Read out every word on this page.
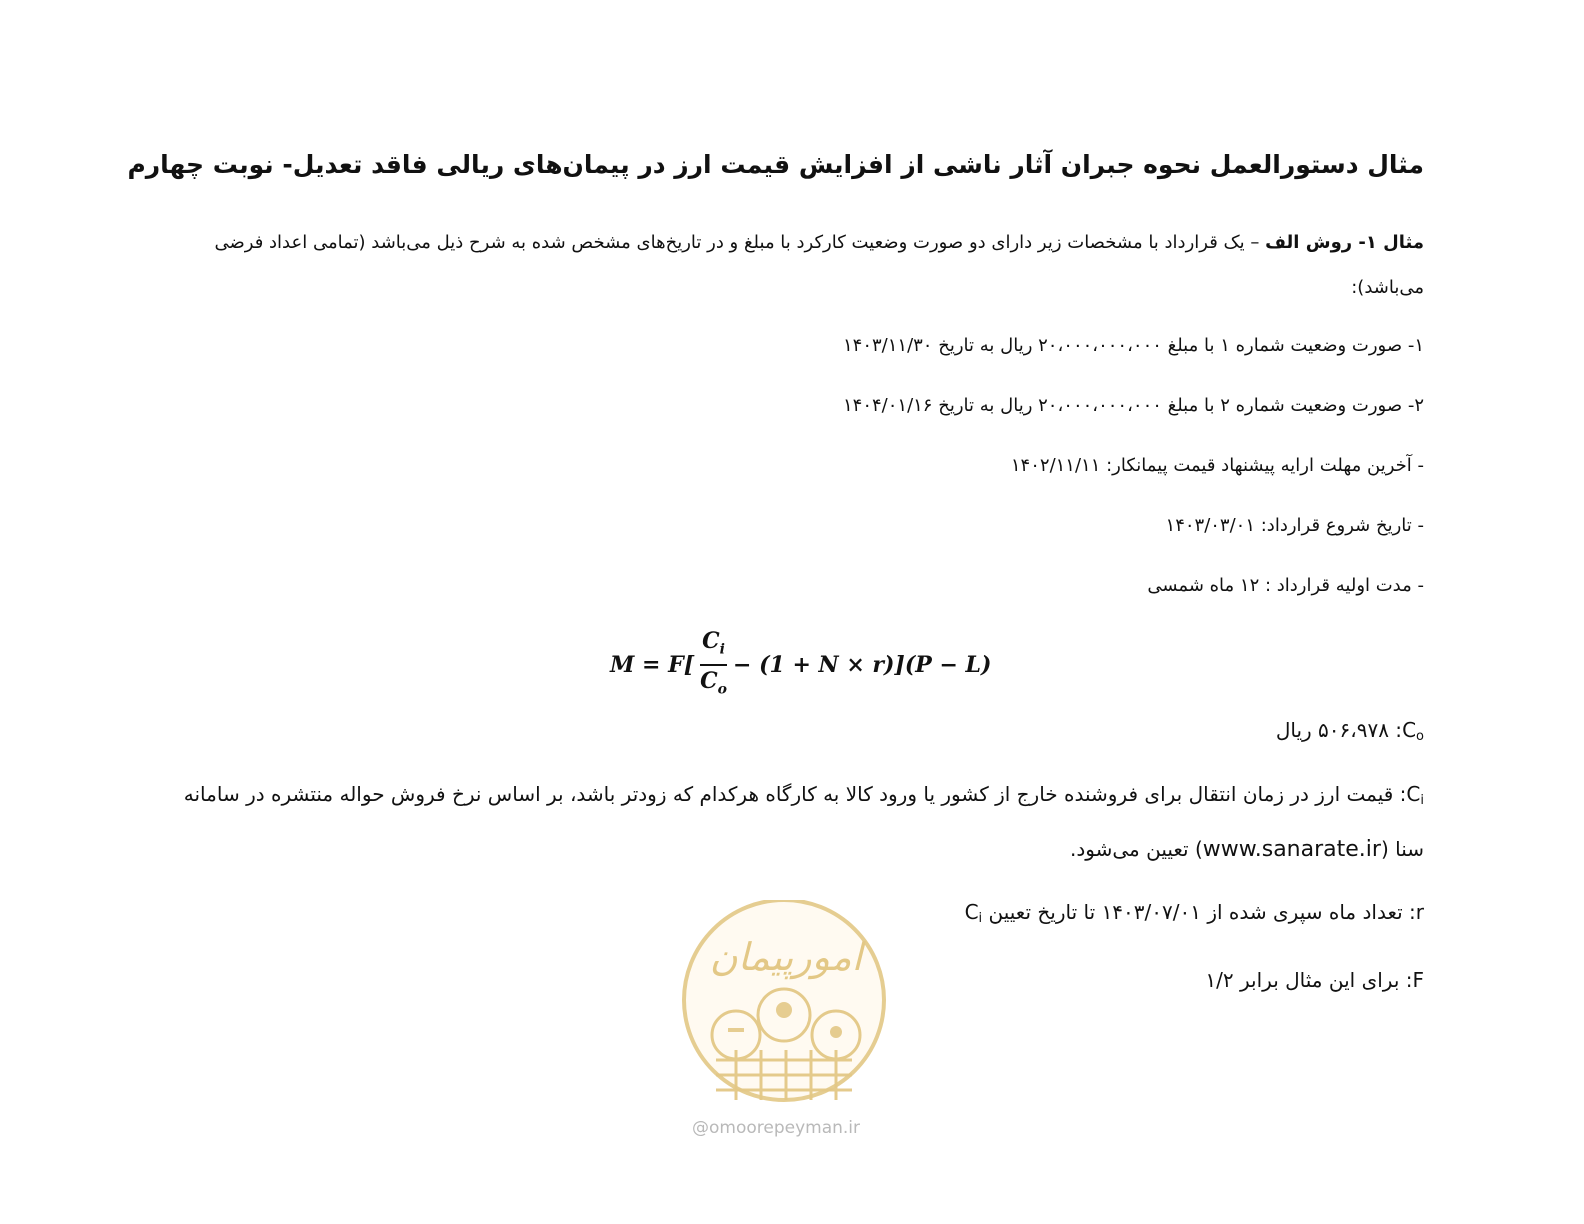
مثال دستورالعمل نحوه جبران آثار ناشی از افزایش قیمت ارز در پیمان‌های ریالی فاقد تعدیل- نوبت چهارم
مثال ۱- روش الف – یک قرارداد با مشخصات زیر دارای دو صورت وضعیت کارکرد با مبلغ و در تاریخ‌های مشخص شده به شرح ذیل می‌باشد (تمامی اعداد فرضی می‌باشد):
۱- صورت وضعیت شماره ۱ با مبلغ ۲۰،۰۰۰،۰۰۰،۰۰۰ ریال به تاریخ ۱۴۰۳/۱۱/۳۰
۲- صورت وضعیت شماره ۲ با مبلغ ۲۰،۰۰۰،۰۰۰،۰۰۰ ریال به تاریخ ۱۴۰۴/۰۱/۱۶
- آخرین مهلت ارایه پیشنهاد قیمت پیمانکار: ۱۴۰۲/۱۱/۱۱
- تاریخ شروع قرارداد: ۱۴۰۳/۰۳/۰۱
- مدت اولیه قرارداد : ۱۲ ماه شمسی
$M = F[ \frac{C_i}{C_o} - (1 + N \times r)](P - L)$
$C_o$: ۵۰۶،۹۷۸ ریال
$C_i$: قیمت ارز در زمان انتقال برای فروشنده خارج از کشور یا ورود کالا به کارگاه هرکدام که زودتر باشد، بر اساس نرخ فروش حواله منتشره در سامانه سنا (www.sanarate.ir) تعیین می‌شود.
r: تعداد ماه سپری شده از ۱۴۰۳/۰۷/۰۱ تا تاریخ تعیین $C_i$
F: برای این مثال برابر ۱/۲
امورپیمان
@omoorepeyman.ir
